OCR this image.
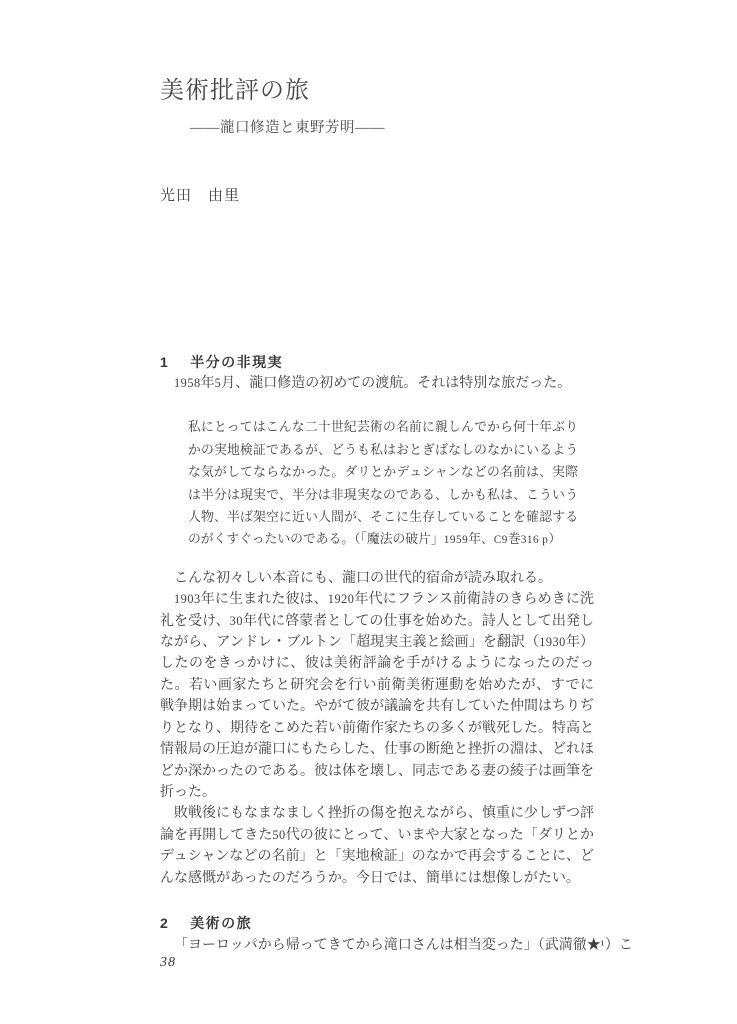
美術批評の旅
――瀧口修造と東野芳明――
光田　由里
1 半分の非現実

1958年5月、瀧口修造の初めての渡航。それは特別な旅だった。

私にとってはこんな二十世紀芸術の名前に親しんでから何十年ぶりかの実地検証であるが、どうも私はおとぎばなしのなかにいるような気がしてならなかった。ダリとかデュシャンなどの名前は、実際は半分は現実で、半分は非現実なのである、しかも私は、こういう人物、半ば架空に近い人間が、そこに生存していることを確認するのがくすぐったいのである。（「魔法の破片」1959年、C9巻316 p）

こんな初々しい本音にも、瀧口の世代的宿命が読み取れる。

1903年に生まれた彼は、1920年代にフランス前衛詩のきらめきに洗礼を受け、30年代に啓蒙者としての仕事を始めた。詩人として出発しながら、アンドレ・ブルトン「超現実主義と絵画」を翻訳（1930年）したのをきっかけに、彼は美術評論を手がけるようになったのだった。若い画家たちと研究会を行い前衛美術運動を始めたが、すでに戦争期は始まっていた。やがて彼が議論を共有していた仲間はちりぢりとなり、期待をこめた若い前衛作家たちの多くが戦死した。特高と情報局の圧迫が瀧口にもたらした、仕事の断絶と挫折の淵は、どれほどか深かったのである。彼は体を壊し、同志である妻の綾子は画筆を折った。

敗戦後にもなまなましく挫折の傷を抱えながら、慎重に少しずつ評論を再開してきた50代の彼にとって、いまや大家となった「ダリとかデュシャンなどの名前」と「実地検証」のなかで再会することに、どんな感慨があったのだろうか。今日では、簡単には想像しがたい。

2 美術の旅

「ヨーロッパから帰ってきてから滝口さんは相当変った」（武満徹★¹）こ

38
